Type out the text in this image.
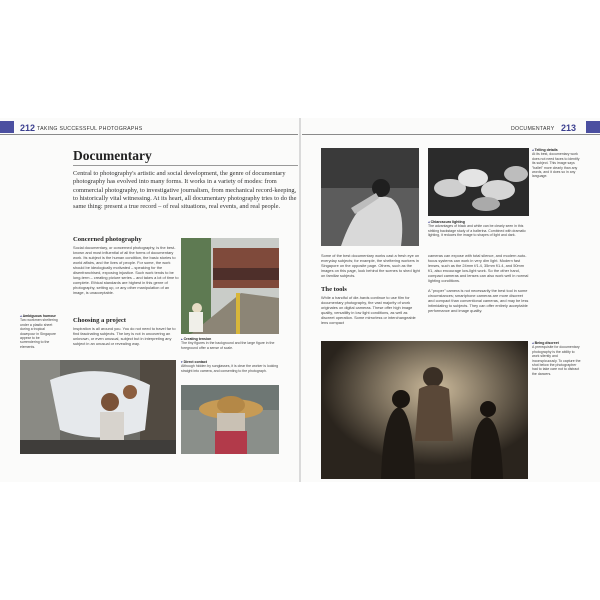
212 TAKING SUCCESSFUL PHOTOGRAPHS	DOCUMENTARY 213
Documentary
Central to photography's artistic and social development, the genre of documentary photography has evolved into many forms. It works in a variety of modes: from commercial photography, to investigative journalism, from mechanical record-keeping, to historically vital witnessing. At its heart, all documentary photography tries to do the same thing: present a true record – of real situations, real events, and real people.
Concerned photography
Social documentary, or concerned photography, is the best-known and most influential of all the forms of documentary work. Its subject is the human condition, the basic stories to world affairs, and the lives of people. For some, the work should be ideologically motivated – speaking for the disenfranchised, exposing injustice. Such work tends to be long-term – creating picture series – and takes a lot of time to complete. Ethical standards are highest in this genre of photography, setting up, or any other manipulation of an image, is unacceptable.
Choosing a project
Inspiration is all around you. You do not need to travel far to find fascinating subjects. The key is not in uncovering an unknown, or even unusual, subject but in interpreting any subject in an unusual or revealing way.
◂Ambiguous humour
Two workmen sheltering under a plastic sheet during a tropical downpour in Singapore appear to be surrendering to the elements.
▴Creating tension
The tiny figures in the background and the large figure in the foreground offer a sense of scale.
▾Direct contact
Although hidden by sunglasses, it is clear the worker is looking straight into camera, and consenting to the photograph.
◂Telling details
At its best, documentary work does not need faces to identify its subject. This image says "ballet" more clearly than any words, and it does so in any language.
◂Chiaroscuro lighting
The advantages of black and white can be clearly seen in this striking backstage study of a ballerina. Combined with dramatic lighting, it reduces the image to shapes of light and dark.
Some of the best documentary works cast a fresh eye on everyday subjects; for example, the sheltering workers in Singapore on the opposite page. Others, such as the images on this page, look behind the scenes to shed light on familiar subjects.
The tools
While a handful of die-hards continue to use film for documentary photography, the vast majority of work originates on digital cameras. These offer high image quality, versatility in low light conditions, as well as discreet operation. Some mirrorless or interchangeable lens compact
cameras can expose with total silence, and modern auto-focus systems can work in very dim light. Modern fast lenses, such as the 24mm f/1.4, 35mm f/1.4, and 50mm f/1, also encourage low-light work. So the other hand, compact cameras and lenses can also work well in normal lighting conditions.

A "proper" camera is not necessarily the best tool in some circumstances; smartphone cameras are more discreet and compact than conventional cameras, and may be less intimidating to subjects. They can offer entirely acceptable performance and image quality.
◂Being discreet
A prerequisite for documentary photography is the ability to work silently and inconspicuously. To capture the shot below the photographer had to take care not to distract the dancers.
